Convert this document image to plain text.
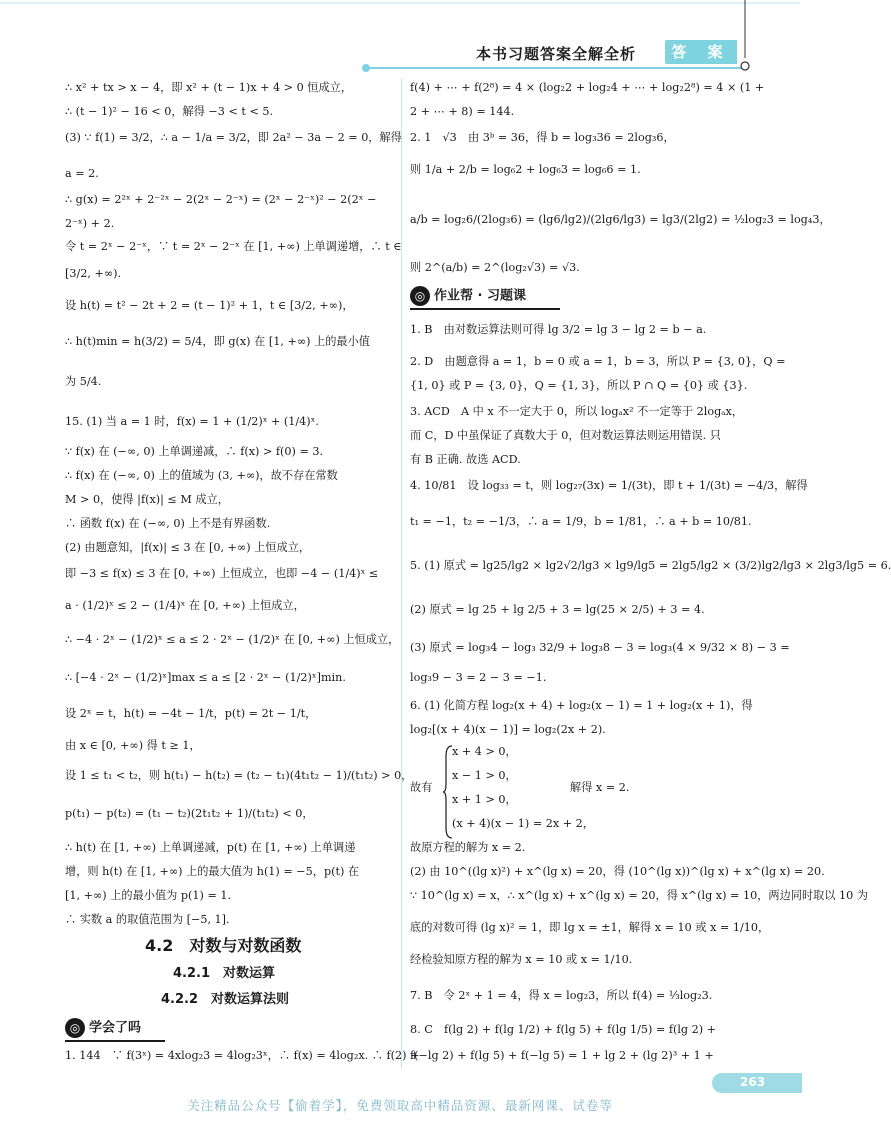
本书习题答案全解全析	答 案
∴ x² + tx > x − 4，即 x² + (t − 1)x + 4 > 0 恒成立，
∴ (t − 1)² − 16 < 0，解得 −3 < t < 5.
(3) ∵ f(1) = 3/2，∴ a − 1/a = 3/2，即 2a² − 3a − 2 = 0，解得
a = 2.
∴ g(x) = 2²ˣ + 2⁻²ˣ − 2(2ˣ − 2⁻ˣ) = (2ˣ − 2⁻ˣ)² − 2(2ˣ −
2⁻ˣ) + 2.
令 t = 2ˣ − 2⁻ˣ，∵ t = 2ˣ − 2⁻ˣ 在 [1, +∞) 上单调递增，∴ t ∈
[3/2, +∞).
设 h(t) = t² − 2t + 2 = (t − 1)² + 1，t ∈ [3/2, +∞)，
∴ h(t)min = h(3/2) = 5/4，即 g(x) 在 [1, +∞) 上的最小值
为 5/4.
15. (1) 当 a = 1 时，f(x) = 1 + (1/2)ˣ + (1/4)ˣ.
∵ f(x) 在 (−∞, 0) 上单调递减，∴ f(x) > f(0) = 3.
∴ f(x) 在 (−∞, 0) 上的值域为 (3, +∞)，故不存在常数
M > 0，使得 |f(x)| ≤ M 成立，
∴ 函数 f(x) 在 (−∞, 0) 上不是有界函数.
(2) 由题意知，|f(x)| ≤ 3 在 [0, +∞) 上恒成立，
即 −3 ≤ f(x) ≤ 3 在 [0, +∞) 上恒成立，也即 −4 − (1/4)ˣ ≤
a · (1/2)ˣ ≤ 2 − (1/4)ˣ 在 [0, +∞) 上恒成立，
∴ −4 · 2ˣ − (1/2)ˣ ≤ a ≤ 2 · 2ˣ − (1/2)ˣ 在 [0, +∞) 上恒成立，
∴ [−4 · 2ˣ − (1/2)ˣ]max ≤ a ≤ [2 · 2ˣ − (1/2)ˣ]min.
设 2ˣ = t，h(t) = −4t − 1/t，p(t) = 2t − 1/t，
由 x ∈ [0, +∞) 得 t ≥ 1，
设 1 ≤ t₁ < t₂，则 h(t₁) − h(t₂) = (t₂ − t₁)(4t₁t₂ − 1)/(t₁t₂) > 0，
p(t₁) − p(t₂) = (t₁ − t₂)(2t₁t₂ + 1)/(t₁t₂) < 0，
∴ h(t) 在 [1, +∞) 上单调递减，p(t) 在 [1, +∞) 上单调递
增，则 h(t) 在 [1, +∞) 上的最大值为 h(1) = −5，p(t) 在
[1, +∞) 上的最小值为 p(1) = 1.
∴ 实数 a 的取值范围为 [−5, 1].
4.2　对数与对数函数
4.2.1　对数运算
4.2.2　对数运算法则
◎ 学会了吗
1. 144　∵ f(3ˣ) = 4xlog₂3 = 4log₂3ˣ，∴ f(x) = 4log₂x. ∴ f(2) +
f(4) + ⋯ + f(2⁸) = 4 × (log₂2 + log₂4 + ⋯ + log₂2⁸) = 4 × (1 +
2 + ⋯ + 8) = 144.
2. 1　√3　由 3ᵇ = 36，得 b = log₃36 = 2log₃6，
则 1/a + 2/b = log₆2 + log₆3 = log₆6 = 1.
a/b = log₂6/(2log₃6) = (lg6/lg2)/(2lg6/lg3) = lg3/(2lg2) = ½log₂3 = log₄3，
则 2^(a/b) = 2^(log₂√3) = √3.
◎ 作业帮 · 习题课
1. B　由对数运算法则可得 lg 3/2 = lg 3 − lg 2 = b − a.
2. D　由题意得 a = 1，b = 0 或 a = 1，b = 3，所以 P = {3, 0}，Q =
{1, 0} 或 P = {3, 0}，Q = {1, 3}，所以 P ∩ Q = {0} 或 {3}.
3. ACD　A 中 x 不一定大于 0，所以 logₐx² 不一定等于 2logₐx，
而 C，D 中虽保证了真数大于 0，但对数运算法则运用错误. 只
有 B 正确. 故选 ACD.
4. 10/81　设 log₃₃ = t，则 log₂₇(3x) = 1/(3t)，即 t + 1/(3t) = −4/3，解得
t₁ = −1，t₂ = −1/3，∴ a = 1/9，b = 1/81，∴ a + b = 10/81.
5. (1) 原式 = lg25/lg2 × lg2√2/lg3 × lg9/lg5 = 2lg5/lg2 × (3/2)lg2/lg3 × 2lg3/lg5 = 6.
(2) 原式 = lg 25 + lg 2/5 + 3 = lg(25 × 2/5) + 3 = 4.
(3) 原式 = log₃4 − log₃ 32/9 + log₃8 − 3 = log₃(4 × 9/32 × 8) − 3 =
log₃9 − 3 = 2 − 3 = −1.
6. (1) 化简方程 log₂(x + 4) + log₂(x − 1) = 1 + log₂(x + 1)，得
log₂[(x + 4)(x − 1)] = log₂(2x + 2).
x + 4 > 0，
x − 1 > 0，
故有	解得 x = 2.
x + 1 > 0，
(x + 4)(x − 1) = 2x + 2，
故原方程的解为 x = 2.
(2) 由 10^((lg x)²) + x^(lg x) = 20，得 (10^(lg x))^(lg x) + x^(lg x) = 20.
∵ 10^(lg x) = x，∴ x^(lg x) + x^(lg x) = 20，得 x^(lg x) = 10，两边同时取以 10 为
底的对数可得 (lg x)² = 1，即 lg x = ±1，解得 x = 10 或 x = 1/10，
经检验知原方程的解为 x = 10 或 x = 1/10.
7. B　令 2ˣ + 1 = 4，得 x = log₂3，所以 f(4) = ⅓log₂3.
8. C　f(lg 2) + f(lg 1/2) + f(lg 5) + f(lg 1/5) = f(lg 2) +
f(−lg 2) + f(lg 5) + f(−lg 5) = 1 + lg 2 + (lg 2)³ + 1 +
263
关注精品公众号【偷着学】，免费领取高中精品资源、最新网课、试卷等
